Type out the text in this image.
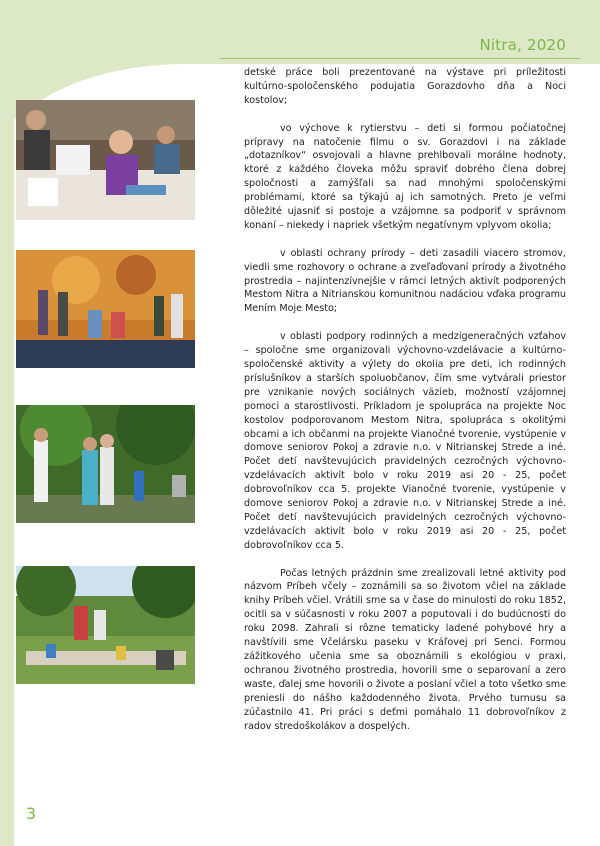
Nitra, 2020

detské práce boli prezentované na výstave pri príležitosti kultúrno-spoločenského podujatia Gorazdovho dňa a Noci kostolov;

vo výchove k rytierstvu – deti si formou počiatočnej prípravy na natočenie filmu o sv. Gorazdovi i na základe „dotazníkov“ osvojovali a hlavne prehlbovali morálne hodnoty, ktoré z každého človeka môžu spraviť dobrého člena dobrej spoločnosti a zamýšľali sa nad mnohými spoločenskými problémami, ktoré sa týkajú aj ich samotných. Preto je veľmi dôležité ujasniť si postoje a vzájomne sa podporiť v správnom konaní – niekedy i napriek všetkým negatívnym vplyvom okolia;

v oblasti ochrany prírody – deti zasadili viacero stromov, viedli sme rozhovory o ochrane a zveľaďovaní prírody a životného prostredia – najintenzívnejšie v rámci letných aktivít podporených Mestom Nitra a Nitrianskou komunitnou nadáciou vďaka programu Mením Moje Mesto;

v oblasti podpory rodinných a medzigeneračných vzťahov – spoločne sme organizovali výchovno-vzdelávacie a kultúrno-spoločenské aktivity a výlety do okolia pre deti, ich rodinných príslušníkov a starších spoluobčanov, čím sme vytvárali priestor pre vznikanie nových sociálnych väzieb, možností vzájomnej pomoci a starostlivosti. Príkladom je spolupráca na projekte Noc kostolov podporovanom Mestom Nitra, spolupráca s okolitými obcami a ich občanmi na projekte Vianočné tvorenie, vystúpenie v domove seniorov Pokoj a zdravie n.o. v Nitrianskej Strede a iné. Počet detí navštevujúcich pravidelných cezročných výchovno-vzdelávacích aktivít bolo v roku 2019 asi 20 - 25, počet dobrovoľníkov cca 5. projekte Vianočné tvorenie, vystúpenie v domove seniorov Pokoj a zdravie n.o. v Nitrianskej Strede a iné. Počet detí navštevujúcich pravidelných cezročných výchovno-vzdelávacích aktivít bolo v roku 2019 asi 20 - 25, počet dobrovoľníkov cca 5.

Počas letných prázdnin sme zrealizovali letné aktivity pod názvom Príbeh včely – zoznámili sa so životom včiel na základe knihy Príbeh včiel. Vrátili sme sa v čase do minulosti do roku 1852, ocitli sa v súčasnosti v roku 2007 a poputovali i do budúcnosti do roku 2098. Zahrali si rôzne tematicky ladené pohybové hry a navštívili sme Včelársku paseku v Kráľovej pri Senci. Formou zážitkového učenia sme sa oboznámili s ekológiou v praxi, ochranou životného prostredia, hovorili sme o separovaní a zero waste, ďalej sme hovorili o živote a poslaní včiel a toto všetko sme preniesli do nášho každodenného života. Prvého turnusu sa zúčastnilo 41. Pri práci s deťmi pomáhalo 11 dobrovoľníkov z radov stredoškolákov a dospelých.

3
